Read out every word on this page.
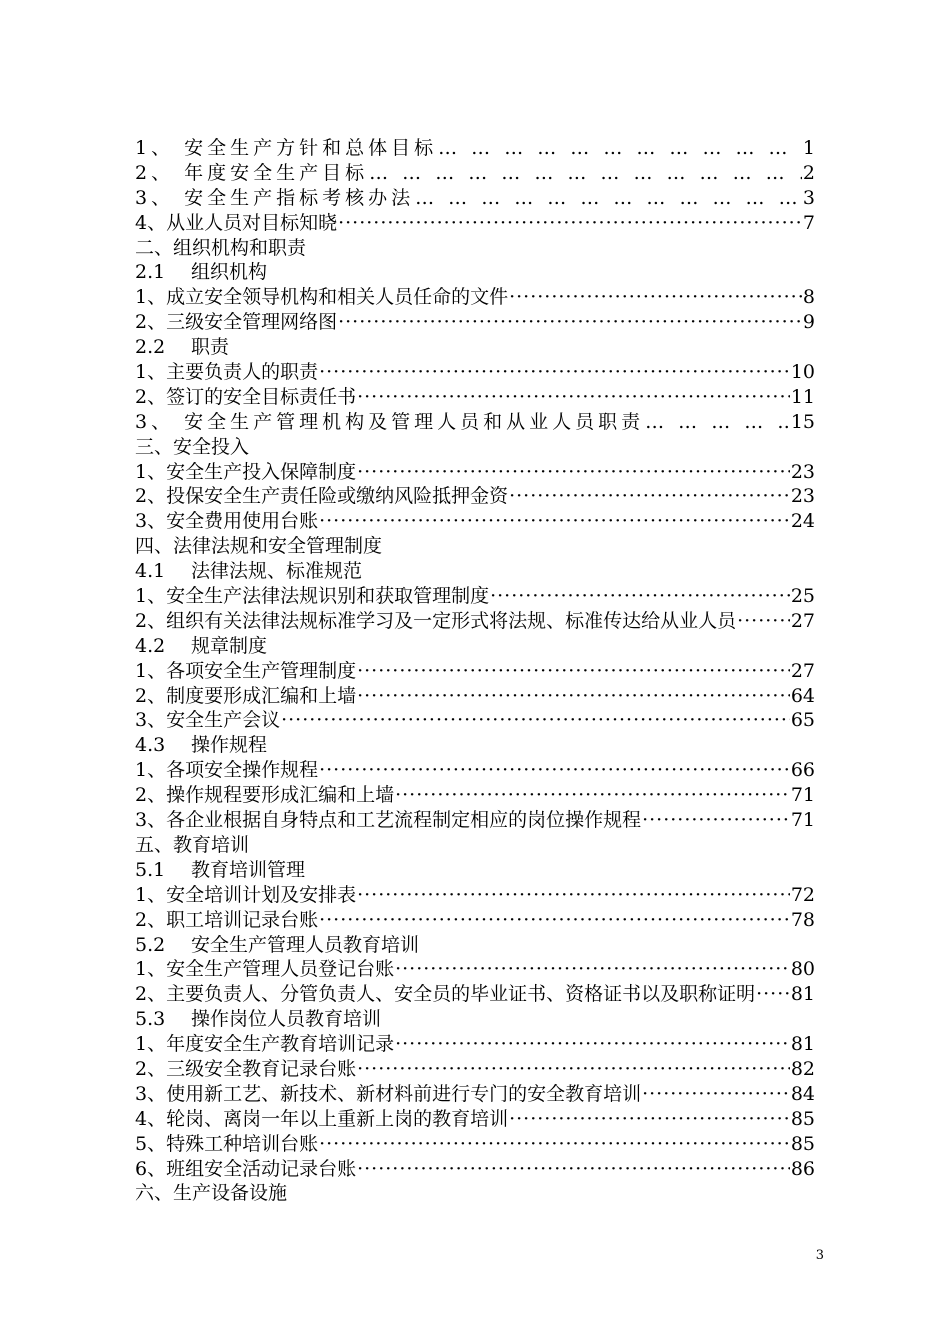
1、 安全生产方针和总体目标 … … … … … … … … … … … … … … … … … … … … … … … … … … … … … … … … … … … … … … … … … … … … …	1
2、 年度安全生产目标 … … … … … … … … … … … … … … … … … … … … … … … … … … … … … … … … … … … … … … … … … … … … …	2
3、 安全生产指标考核办法 … … … … … … … … … … … … … … … … … … … … … … … … … … … … … … … … … … … … … … … … … … … … …	3
4、从业人员对目标知晓 ·····	7
二、组织机构和职责
2.1 组织机构
1、成立安全领导机构和相关人员任命的文件 ·····	8
2、三级安全管理网络图 ·····	9
2.2 职责
1、主要负责人的职责 ·····	10
2、签订的安全目标责任书 ·····	11
3、 安全生产管理机构及管理人员和从业人员职责 … … … … … … … … … … … … … … … … … … … … … … … … … … … … … … … … … … … … … … … … … … … … …	15
三、安全投入
1、安全生产投入保障制度 ·····	23
2、投保安全生产责任险或缴纳风险抵押金资 ·····	23
3、安全费用使用台账 ·····	24
四、法律法规和安全管理制度
4.1 法律法规、标准规范
1、安全生产法律法规识别和获取管理制度 ·····	25
2、组织有关法律法规标准学习及一定形式将法规、标准传达给从业人员 ·····	27
4.2 规章制度
1、各项安全生产管理制度 ·····	27
2、制度要形成汇编和上墙 ·····	64
3、安全生产会议 ·····	65
4.3 操作规程
1、各项安全操作规程 ·····	66
2、操作规程要形成汇编和上墙 ·····	71
3、各企业根据自身特点和工艺流程制定相应的岗位操作规程 ·····	71
五、教育培训
5.1 教育培训管理
1、安全培训计划及安排表 ·····	72
2、职工培训记录台账 ·····	78
5.2 安全生产管理人员教育培训
1、安全生产管理人员登记台账 ·····	80
2、主要负责人、分管负责人、安全员的毕业证书、资格证书以及职称证明 ····· 81
5.3 操作岗位人员教育培训
1、年度安全生产教育培训记录 ·····	81
2、三级安全教育记录台账 ·····	82
3、使用新工艺、新技术、新材料前进行专门的安全教育培训 ·····	84
4、轮岗、离岗一年以上重新上岗的教育培训 ·····	85
5、特殊工种培训台账 ·····	85
6、班组安全活动记录台账 ·····	86
六、生产设备设施
3
